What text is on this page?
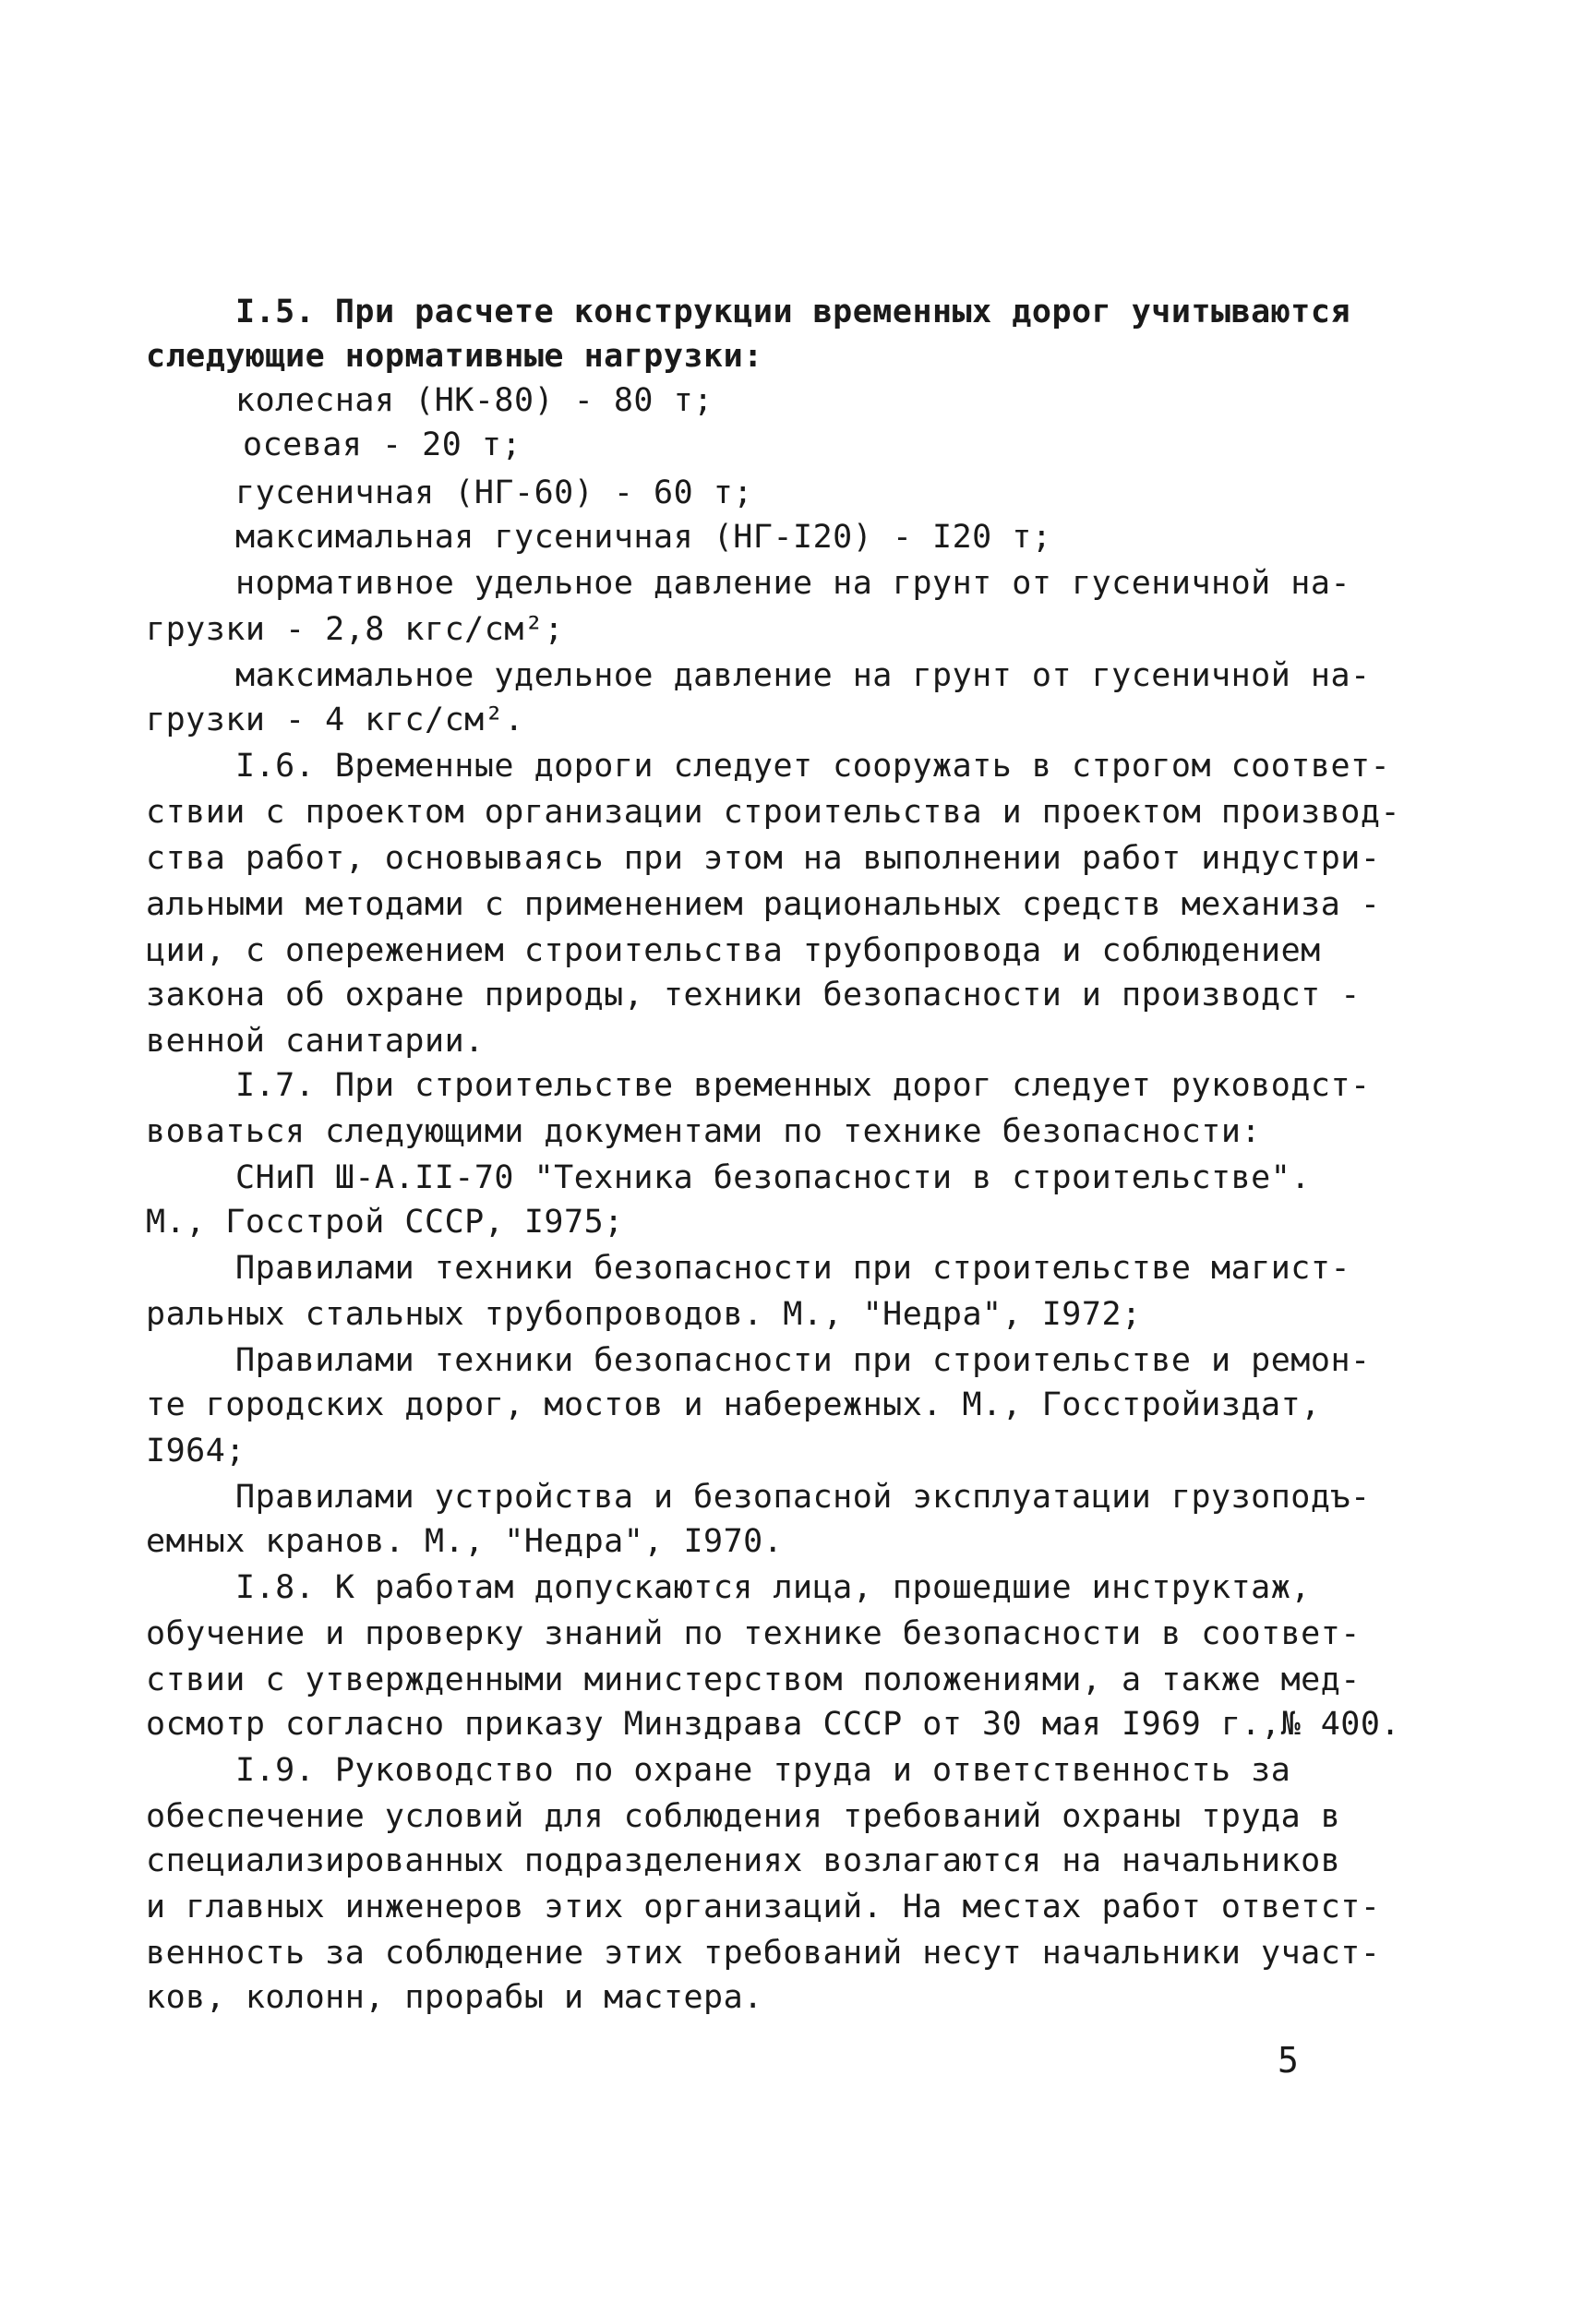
I.5. При расчете конструкции временных дорог учитываются
следующие нормативные нагрузки:
колесная (НК-80) - 80 т;
осевая - 20 т;
гусеничная (НГ-60) - 60 т;
максимальная гусеничная (НГ-I20) - I20 т;
нормативное удельное давление на грунт от гусеничной на-
грузки - 2,8 кгс/см²;
максимальное удельное давление на грунт от гусеничной на-
грузки - 4 кгс/см².
I.6. Временные дороги следует сооружать в строгом соответ-
ствии с проектом организации строительства и проектом производ-
ства работ, основываясь при этом на выполнении работ индустри-
альными методами с применением рациональных средств механиза -
ции, с опережением строительства трубопровода и соблюдением
закона об охране природы, техники безопасности и производст -
венной санитарии.
I.7. При строительстве временных дорог следует руководст-
воваться следующими документами по технике безопасности:
СНиП Ш-А.II-70 "Техника безопасности в строительстве".
М., Госстрой СССР, I975;
Правилами техники безопасности при строительстве магист-
ральных стальных трубопроводов. М., "Недра", I972;
Правилами техники безопасности при строительстве и ремон-
те городских дорог, мостов и набережных. М., Госстройиздат,
I964;
Правилами устройства и безопасной эксплуатации грузоподъ-
емных кранов. М., "Недра", I970.
I.8. К работам допускаются лица, прошедшие инструктаж,
обучение и проверку знаний по технике безопасности в соответ-
ствии с утвержденными министерством положениями, а также мед-
осмотр согласно приказу Минздрава СССР от 30 мая I969 г.,№ 400.
I.9. Руководство по охране труда и ответственность за
обеспечение условий для соблюдения требований охраны труда в
специализированных подразделениях возлагаются на начальников
и главных инженеров этих организаций. На местах работ ответст-
венность за соблюдение этих требований несут начальники участ-
ков, колонн, прорабы и мастера.
5
